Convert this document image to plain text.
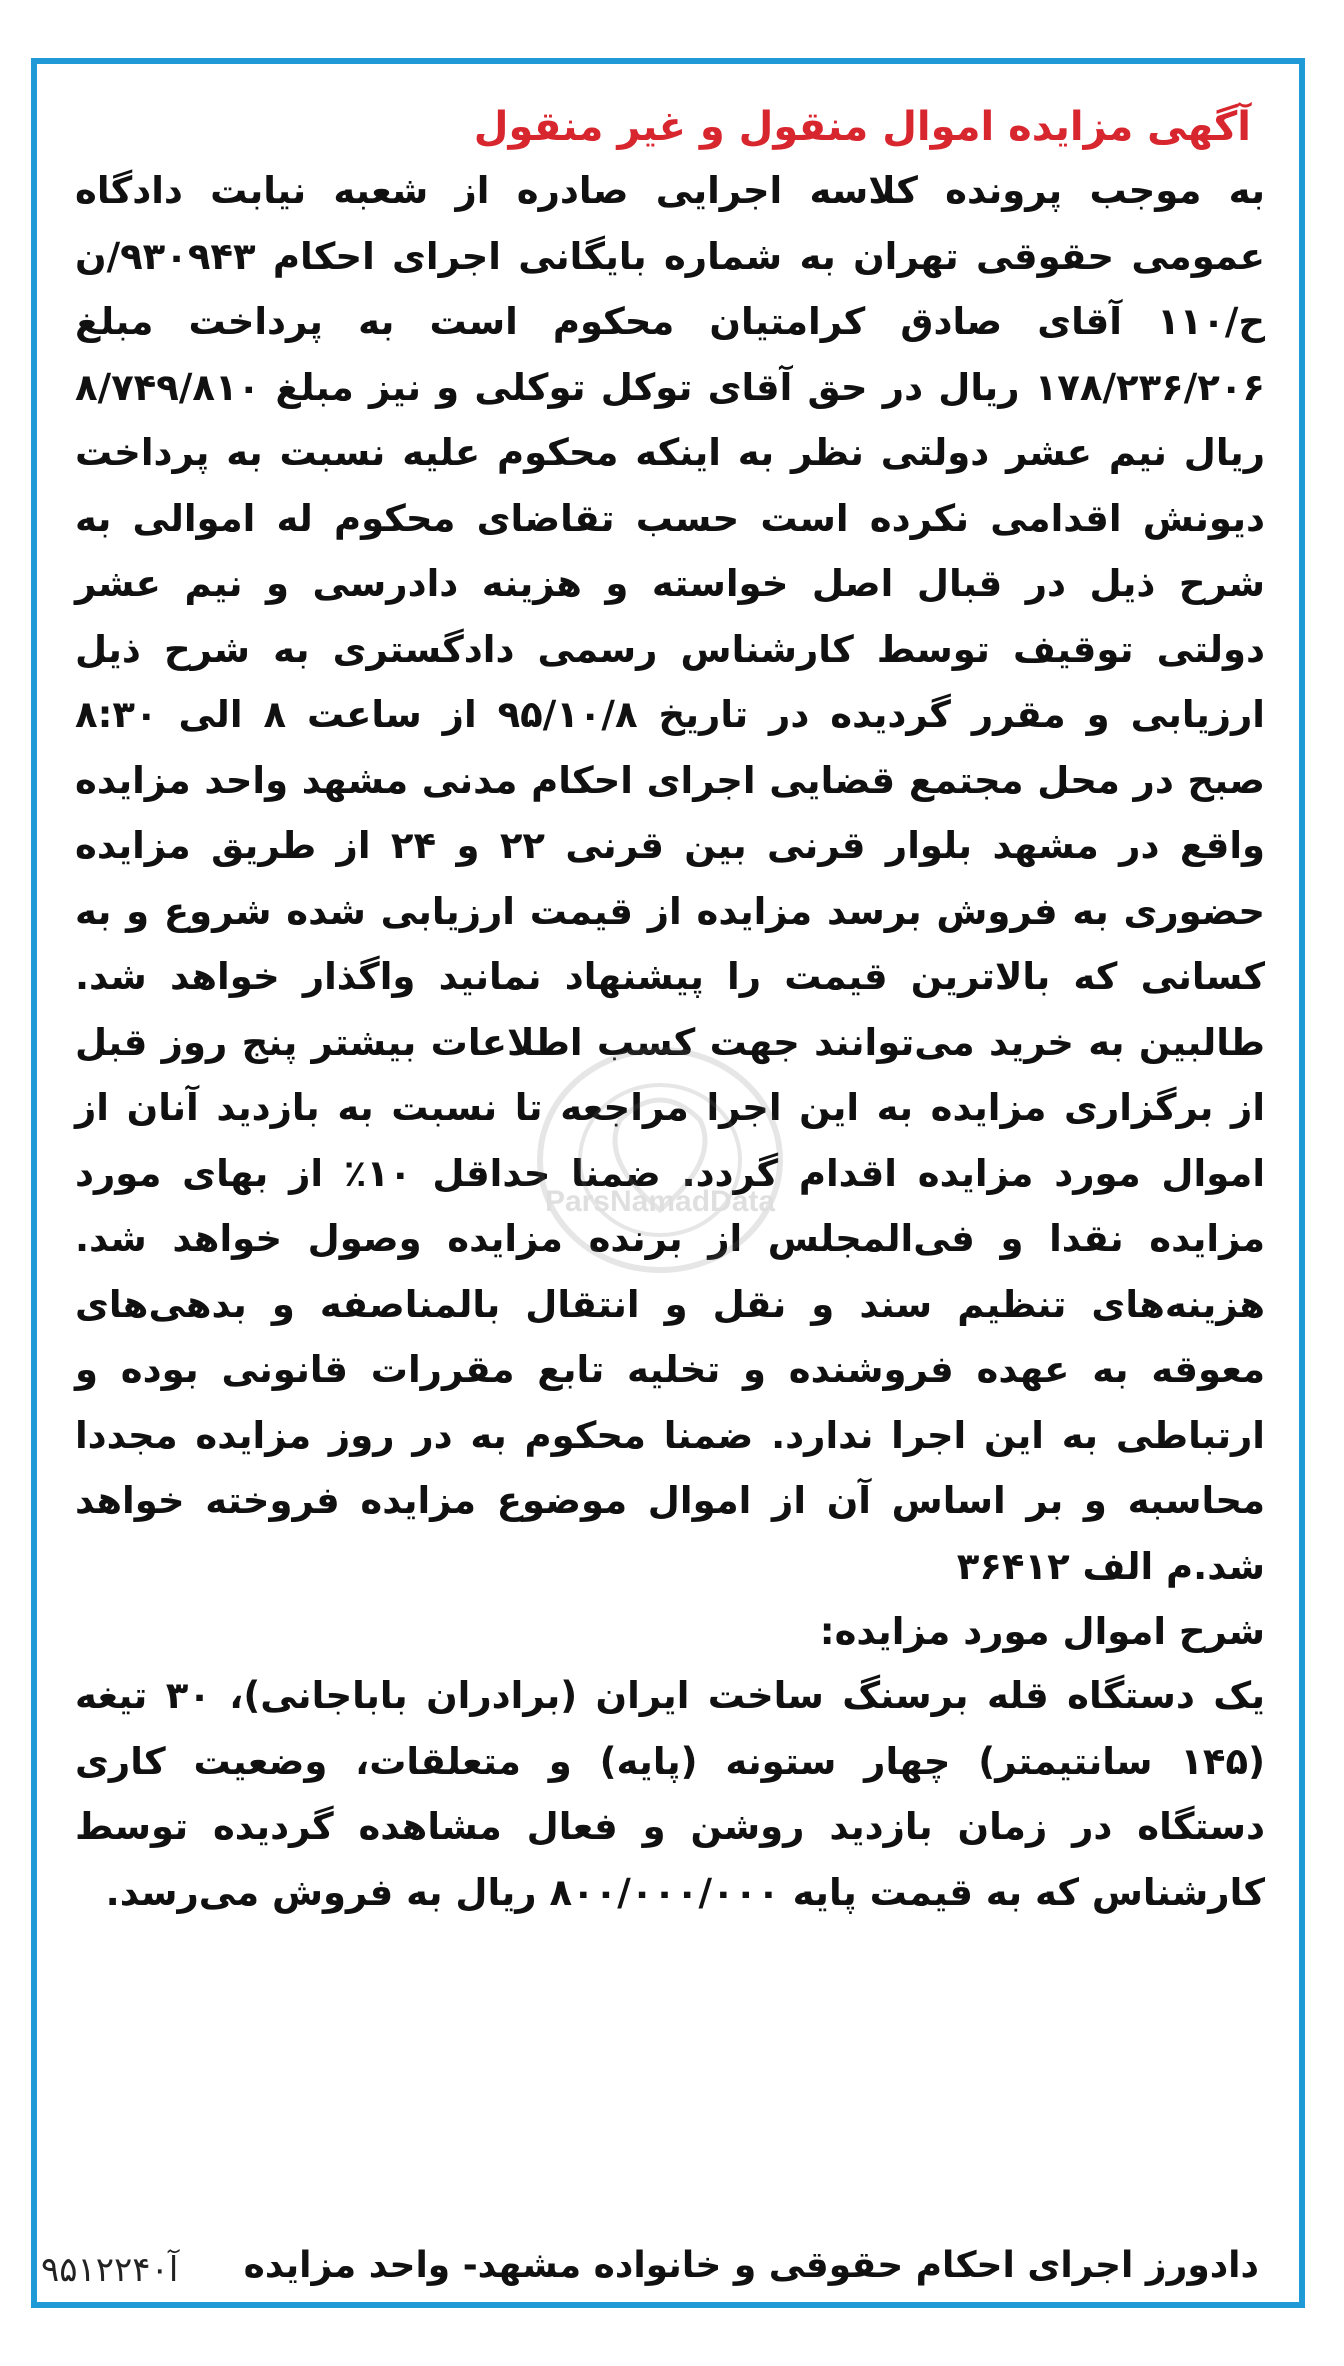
آگهی مزایده اموال منقول و غیر منقول

به موجب پرونده کلاسه اجرایی صادره از شعبه نیابت دادگاه عمومی حقوقی تهران به شماره بایگانی اجرای احکام ۹۳۰۹۴۳/ن ح/۱۱۰ آقای صادق کرامتیان محکوم است به پرداخت مبلغ ۱۷۸/۲۳۶/۲۰۶ ریال در حق آقای توکل توکلی و نیز مبلغ ۸/۷۴۹/۸۱۰ ریال نیم عشر دولتی نظر به اینکه محکوم علیه نسبت به پرداخت دیونش اقدامی نکرده است حسب تقاضای محکوم له اموالی به شرح ذیل در قبال اصل خواسته و هزینه دادرسی و نیم عشر دولتی توقیف توسط کارشناس رسمی دادگستری به شرح ذیل ارزیابی و مقرر گردیده در تاریخ ۹۵/۱۰/۸ از ساعت ۸ الی ۸:۳۰ صبح در محل مجتمع قضایی اجرای احکام مدنی مشهد واحد مزایده واقع در مشهد بلوار قرنی بین قرنی ۲۲ و ۲۴ از طریق مزایده حضوری به فروش برسد مزایده از قیمت ارزیابی شده شروع و به کسانی که بالاترین قیمت را پیشنهاد نمانید واگذار خواهد شد. طالبین به خرید می‌توانند جهت کسب اطلاعات بیشتر پنج روز قبل از برگزاری مزایده به این اجرا مراجعه تا نسبت به بازدید آنان از اموال مورد مزایده اقدام گردد. ضمنا حداقل ۱۰٪ از بهای مورد مزایده نقدا و فی‌المجلس از برنده مزایده وصول خواهد شد. هزینه‌های تنظیم سند و نقل و انتقال بالمناصفه و بدهی‌های معوقه به عهده فروشنده و تخلیه تابع مقررات قانونی بوده و ارتباطی به این اجرا ندارد. ضمنا محکوم به در روز مزایده مجددا محاسبه و بر اساس آن از اموال موضوع مزایده فروخته خواهد شد.م الف ۳۶۴۱۲

شرح اموال مورد مزایده:

یک دستگاه قله برسنگ ساخت ایران (برادران باباجانی)، ۳۰ تیغه (۱۴۵ سانتیمتر) چهار ستونه (پایه) و متعلقات، وضعیت کاری دستگاه در زمان بازدید روشن و فعال مشاهده گردیده توسط کارشناس که به قیمت پایه ۸۰۰/۰۰۰/۰۰۰ ریال به فروش می‌رسد.

دادورز اجرای احکام حقوقی و خانواده مشهد- واحد مزایده
آ۹۵۱۲۲۴۰
